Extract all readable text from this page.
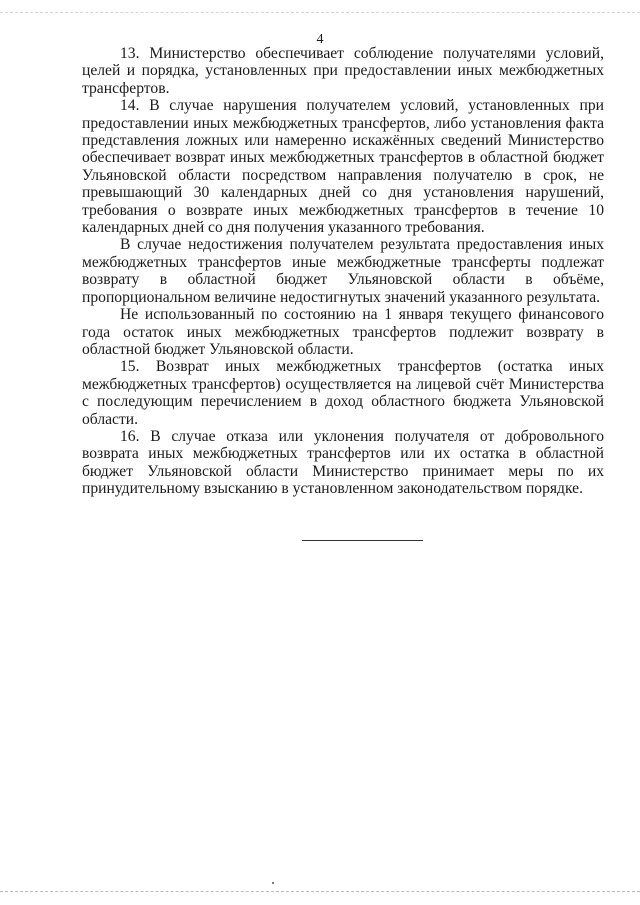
4

13. Министерство обеспечивает соблюдение получателями условий, целей и порядка, установленных при предоставлении иных межбюджетных трансфертов.

14. В случае нарушения получателем условий, установленных при предоставлении иных межбюджетных трансфертов, либо установления факта представления ложных или намеренно искажённых сведений Министерство обеспечивает возврат иных межбюджетных трансфертов в областной бюджет Ульяновской области посредством направления получателю в срок, не превышающий 30 календарных дней со дня установления нарушений, требования о возврате иных межбюджетных трансфертов в течение 10 календарных дней со дня получения указанного требования.

В случае недостижения получателем результата предоставления иных межбюджетных трансфертов иные межбюджетные трансферты подлежат возврату в областной бюджет Ульяновской области в объёме, пропорциональном величине недостигнутых значений указанного результата.

Не использованный по состоянию на 1 января текущего финансового года остаток иных межбюджетных трансфертов подлежит возврату в областной бюджет Ульяновской области.

15. Возврат иных межбюджетных трансфертов (остатка иных межбюджетных трансфертов) осуществляется на лицевой счёт Министерства с последующим перечислением в доход областного бюджета Ульяновской области.

16. В случае отказа или уклонения получателя от добровольного возврата иных межбюджетных трансфертов или их остатка в областной бюджет Ульяновской области Министерство принимает меры по их принудительному взысканию в установленном законодательством порядке.
